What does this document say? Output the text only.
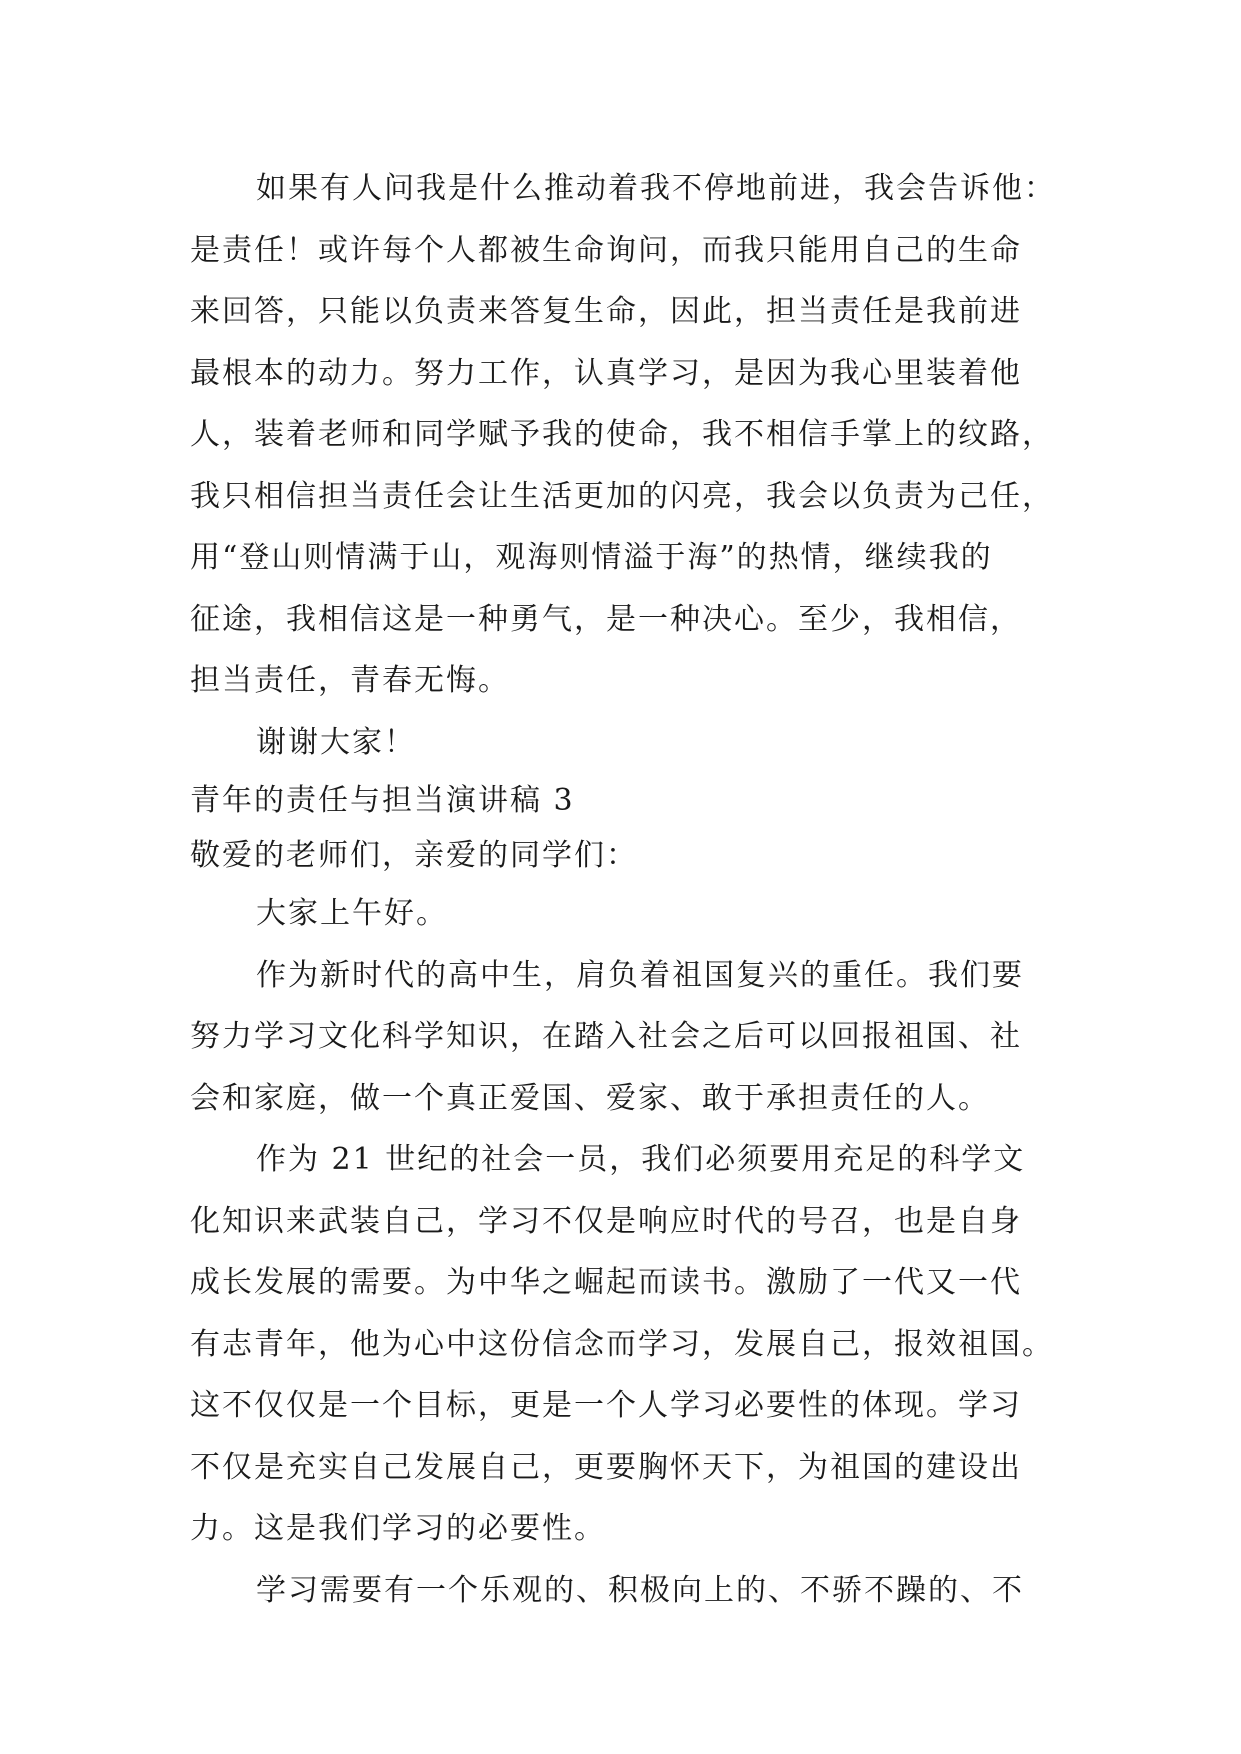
如果有人问我是什么推动着我不停地前进，我会告诉他：
是责任！或许每个人都被生命询问，而我只能用自己的生命
来回答，只能以负责来答复生命，因此，担当责任是我前进
最根本的动力。努力工作，认真学习，是因为我心里装着他
人，装着老师和同学赋予我的使命，我不相信手掌上的纹路，
我只相信担当责任会让生活更加的闪亮，我会以负责为己任，
用“登山则情满于山，观海则情溢于海”的热情，继续我的
征途，我相信这是一种勇气，是一种决心。至少，我相信，
担当责任，青春无悔。
谢谢大家！
青年的责任与担当演讲稿 3
敬爱的老师们，亲爱的同学们：
大家上午好。
作为新时代的高中生，肩负着祖国复兴的重任。我们要
努力学习文化科学知识，在踏入社会之后可以回报祖国、社
会和家庭，做一个真正爱国、爱家、敢于承担责任的人。
作为 21 世纪的社会一员，我们必须要用充足的科学文
化知识来武装自己，学习不仅是响应时代的号召，也是自身
成长发展的需要。为中华之崛起而读书。激励了一代又一代
有志青年，他为心中这份信念而学习，发展自己，报效祖国。
这不仅仅是一个目标，更是一个人学习必要性的体现。学习
不仅是充实自己发展自己，更要胸怀天下，为祖国的建设出
力。这是我们学习的必要性。
学习需要有一个乐观的、积极向上的、不骄不躁的、不
